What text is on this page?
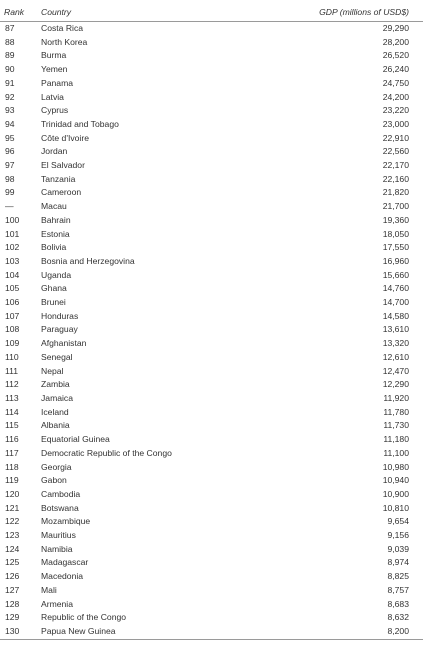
Rank	Country	GDP (millions of USD$)
87	Costa Rica	29,290
88	North Korea	28,200
89	Burma	26,520
90	Yemen	26,240
91	Panama	24,750
92	Latvia	24,200
93	Cyprus	23,220
94	Trinidad and Tobago	23,000
95	Côte d'Ivoire	22,910
96	Jordan	22,560
97	El Salvador	22,170
98	Tanzania	22,160
99	Cameroon	21,820
—	Macau	21,700
100	Bahrain	19,360
101	Estonia	18,050
102	Bolivia	17,550
103	Bosnia and Herzegovina	16,960
104	Uganda	15,660
105	Ghana	14,760
106	Brunei	14,700
107	Honduras	14,580
108	Paraguay	13,610
109	Afghanistan	13,320
110	Senegal	12,610
111	Nepal	12,470
112	Zambia	12,290
113	Jamaica	11,920
114	Iceland	11,780
115	Albania	11,730
116	Equatorial Guinea	11,180
117	Democratic Republic of the Congo	11,100
118	Georgia	10,980
119	Gabon	10,940
120	Cambodia	10,900
121	Botswana	10,810
122	Mozambique	9,654
123	Mauritius	9,156
124	Namibia	9,039
125	Madagascar	8,974
126	Macedonia	8,825
127	Mali	8,757
128	Armenia	8,683
129	Republic of the Congo	8,632
130	Papua New Guinea	8,200
